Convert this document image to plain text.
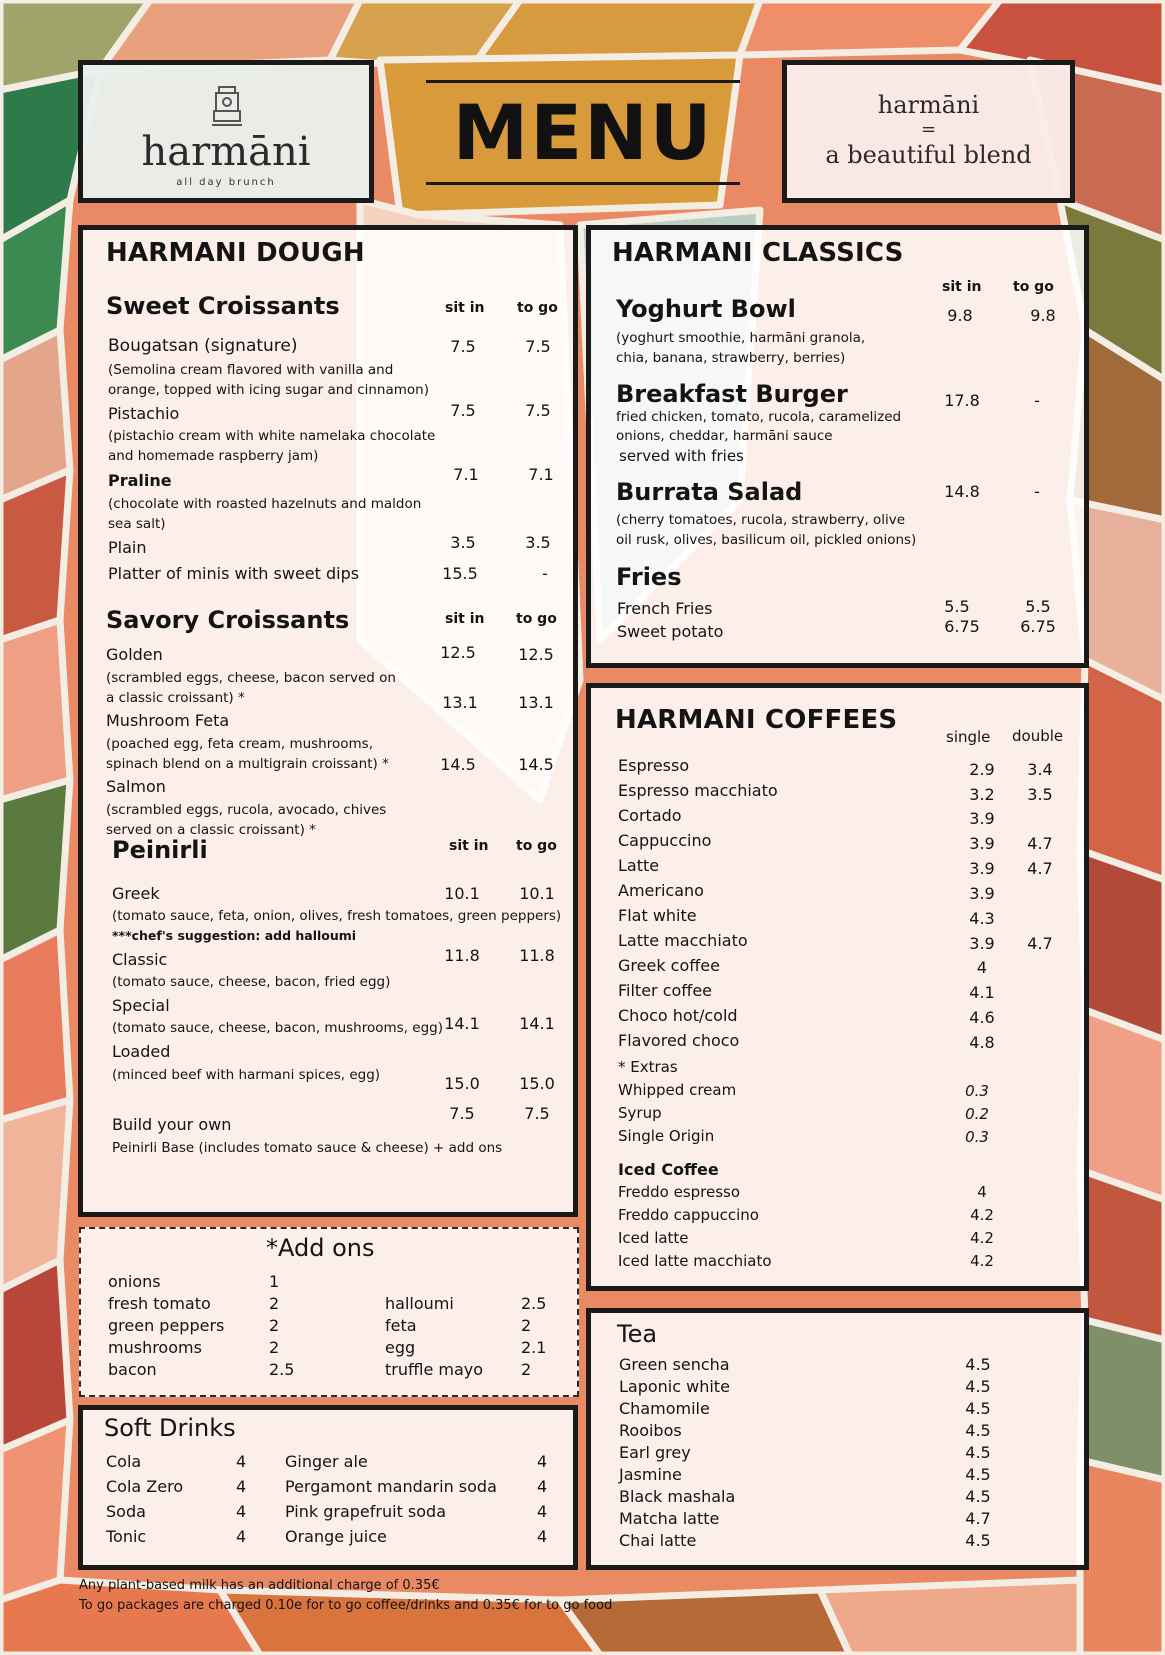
harmāni
all day brunch
MENU	harmāni
=
a beautiful blend
HARMANI DOUGH
Sweet Croissants	sit in to go
Bougatsan (signature)
(Semolina cream flavored with vanilla and
orange, topped with icing sugar and cinnamon)
7.5	7.5
Pistachio
(pistachio cream with white namelaka chocolate
and homemade raspberry jam)
7.5	7.5
Praline
(chocolate with roasted hazelnuts and maldon
sea salt)
7.1	7.1
Plain	3.5	3.5
Platter of minis with sweet dips	15.5	-
Savory Croissants	sit in to go
Golden
(scrambled eggs, cheese, bacon served on
a classic croissant) *
12.5	12.5
Mushroom Feta
(poached egg, feta cream, mushrooms,
spinach blend on a multigrain croissant) *
13.1	13.1
Salmon
(scrambled eggs, rucola, avocado, chives
served on a classic croissant) *
14.5	14.5
Peinirli	sit in to go
Greek
(tomato sauce, feta, onion, olives, fresh tomatoes, green peppers)
***chef's suggestion: add halloumi
10.1	10.1
Classic
(tomato sauce, cheese, bacon, fried egg)
11.8	11.8
Special
(tomato sauce, cheese, bacon, mushrooms, egg) 14.1	14.1
Loaded
(minced beef with harmani spices, egg)	15.0	15.0
Build your own
Peinirli Base (includes tomato sauce & cheese) + add ons
7.5	7.5
*Add ons
onions	1
fresh tomato	2
green peppers	2
mushrooms	2
bacon	2.5
halloumi	2.5
feta	2
egg	2.1
truffle mayo 2
Soft Drinks
Cola	4
Cola Zero	4
Soda	4
Tonic	4
Ginger ale	4
Pergamont mandarin soda	4
Pink grapefruit soda	4
Orange juice	4
HARMANI CLASSICS
sit in to go
Yoghurt Bowl
(yoghurt smoothie, harmāni granola,
chia, banana, strawberry, berries)
9.8	9.8
Breakfast Burger
fried chicken, tomato, rucola, caramelized
onions, cheddar, harmāni sauce
served with fries
17.8	-
Burrata Salad
(cherry tomatoes, rucola, strawberry, olive
oil rusk, olives, basilicum oil, pickled onions)
14.8	-
Fries
French Fries	5.5	5.5
Sweet potato	6.75	6.75
HARMANI COFFEES
single double
Espresso	2.9	3.4
Espresso macchiato	3.2	3.5
Cortado	3.9
Cappuccino	3.9	4.7
Latte	3.9	4.7
Americano	3.9
Flat white	4.3
Latte macchiato	3.9	4.7
Greek coffee	4
Filter coffee	4.1
Choco hot/cold	4.6
Flavored choco	4.8
* Extras
Whipped cream	0.3
Syrup	0.2
Single Origin	0.3
Iced Coffee
Freddo espresso	4
Freddo cappuccino	4.2
Iced latte	4.2
Iced latte macchiato	4.2
Tea
Green sencha	4.5
Laponic white	4.5
Chamomile	4.5
Rooibos	4.5
Earl grey	4.5
Jasmine	4.5
Black mashala	4.5
Matcha latte	4.7
Chai latte	4.5
Any plant-based milk has an additional charge of 0.35€
To go packages are charged 0.10e for to go coffee/drinks and 0.35€ for to go food
